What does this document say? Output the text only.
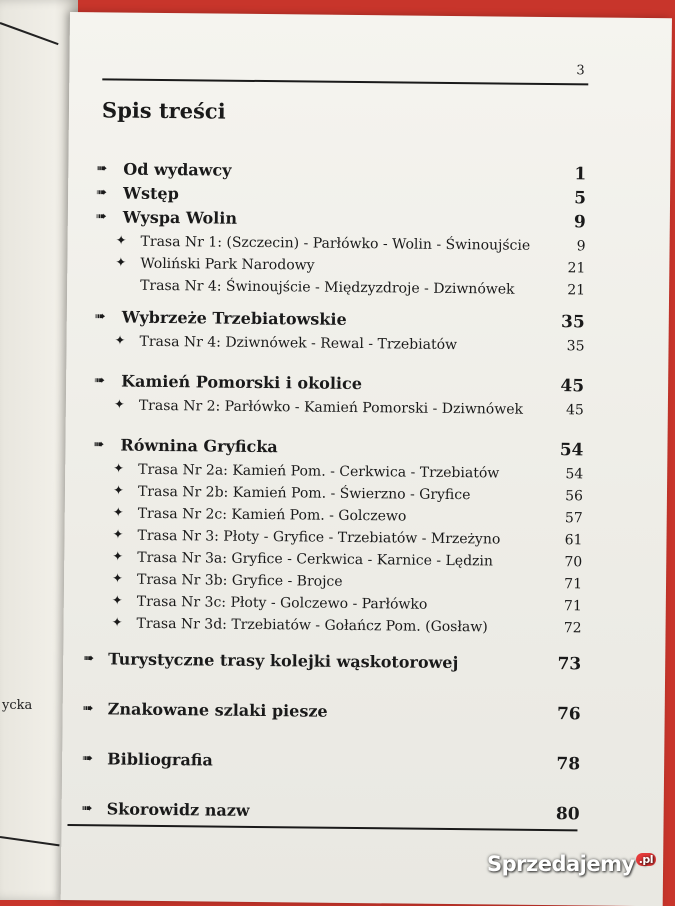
ycka
3
Spis treści
➠ Od wydawcy	1
➠ Wstęp	5
➠ Wyspa Wolin	9
✦ Trasa Nr 1: (Szczecin) - Parłówko - Wolin - Świnoujście	9
✦ Woliński Park Narodowy	21
Trasa Nr 4: Świnoujście - Międzyzdroje - Dziwnówek	21
➠ Wybrzeże Trzebiatowskie	35
✦ Trasa Nr 4: Dziwnówek - Rewal - Trzebiatów	35
➠ Kamień Pomorski i okolice	45
✦ Trasa Nr 2: Parłówko - Kamień Pomorski - Dziwnówek	45
➠ Równina Gryficka	54
✦ Trasa Nr 2a: Kamień Pom. - Cerkwica - Trzebiatów	54
✦ Trasa Nr 2b: Kamień Pom. - Świerzno - Gryfice	56
✦ Trasa Nr 2c: Kamień Pom. - Golczewo	57
✦ Trasa Nr 3: Płoty - Gryfice - Trzebiatów - Mrzeżyno	61
✦ Trasa Nr 3a: Gryfice - Cerkwica - Karnice - Lędzin	70
✦ Trasa Nr 3b: Gryfice - Brojce	71
✦ Trasa Nr 3c: Płoty - Golczewo - Parłówko	71
✦ Trasa Nr 3d: Trzebiatów - Gołańcz Pom. (Gosław)	72
➠ Turystyczne trasy kolejki wąskotorowej	73
➠ Znakowane szlaki piesze	76
➠ Bibliografia	78
➠ Skorowidz nazw	80
Sprzedajemy $^{.pl}$
